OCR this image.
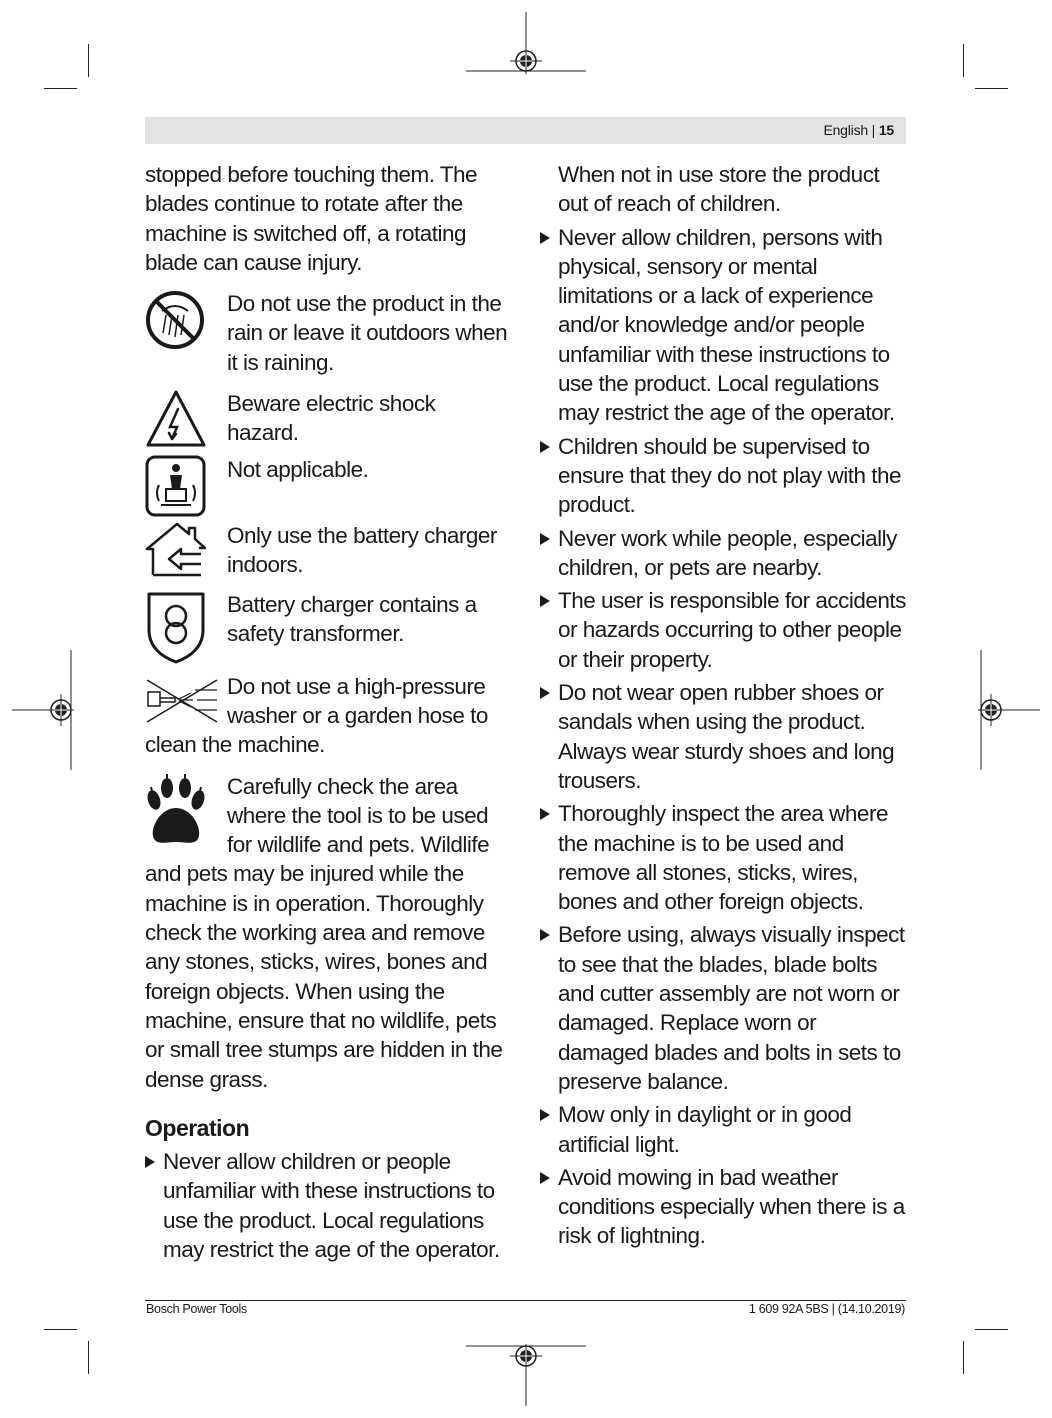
English | 15

stopped before touching them. The blades continue to rotate after the machine is switched off, a rotating blade can cause injury.

Do not use the product in the rain or leave it outdoors when it is raining.

Beware electric shock hazard.

Not applicable.

Only use the battery charger indoors.

Battery charger contains a safety transformer.

Do not use a high-pressure washer or a garden hose to clean the machine.

Carefully check the area where the tool is to be used for wildlife and pets. Wildlife and pets may be injured while the machine is in operation. Thoroughly check the working area and remove any stones, sticks, wires, bones and foreign objects. When using the machine, ensure that no wildlife, pets or small tree stumps are hidden in the dense grass.

Operation

Never allow children or people unfamiliar with these instructions to use the product. Local regulations may restrict the age of the operator.

When not in use store the product out of reach of children.

Never allow children, persons with physical, sensory or mental limitations or a lack of experience and/or knowledge and/or people unfamiliar with these instructions to use the product. Local regulations may restrict the age of the operator.

Children should be supervised to ensure that they do not play with the product.

Never work while people, especially children, or pets are nearby.

The user is responsible for accidents or hazards occurring to other people or their property.

Do not wear open rubber shoes or sandals when using the product. Always wear sturdy shoes and long trousers.

Thoroughly inspect the area where the machine is to be used and remove all stones, sticks, wires, bones and other foreign objects.

Before using, always visually inspect to see that the blades, blade bolts and cutter assembly are not worn or damaged. Replace worn or damaged blades and bolts in sets to preserve balance.

Mow only in daylight or in good artificial light.

Avoid mowing in bad weather conditions especially when there is a risk of lightning.

Bosch Power Tools	1 609 92A 5BS | (14.10.2019)
